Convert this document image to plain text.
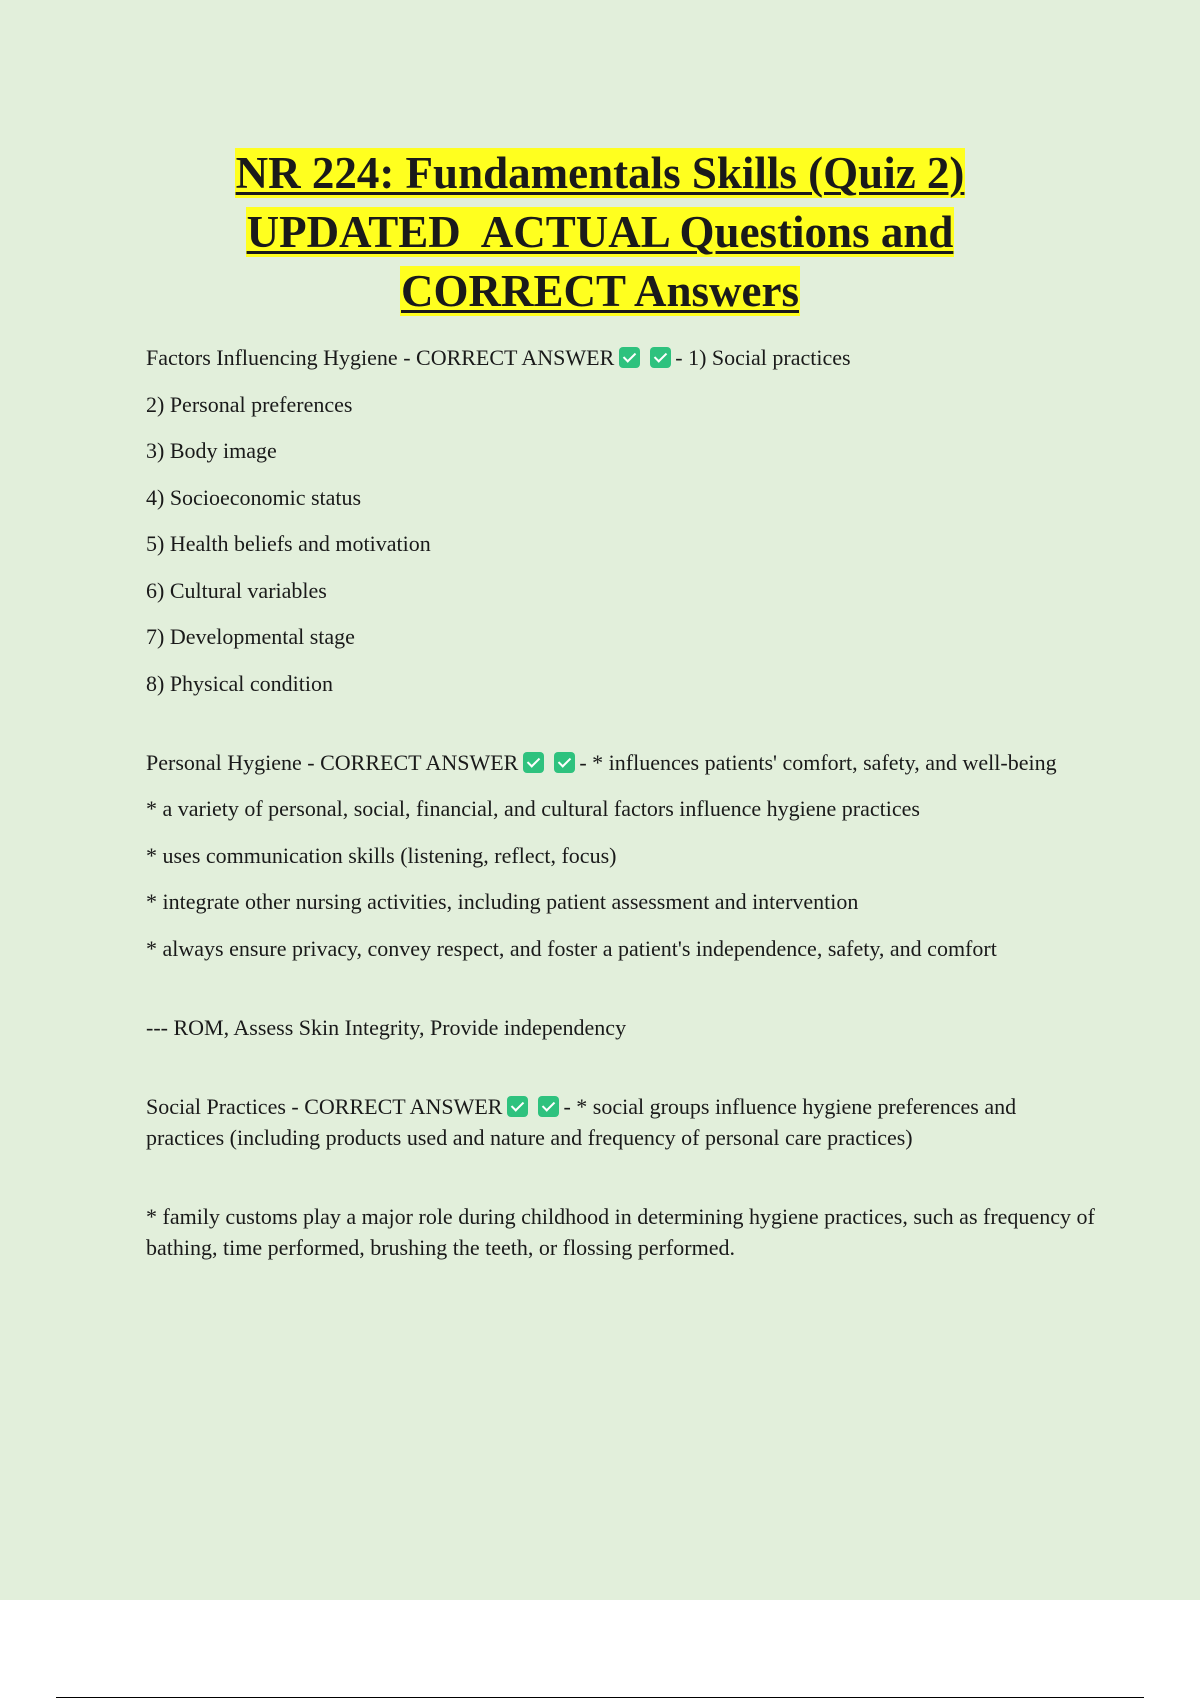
NR 224: Fundamentals Skills (Quiz 2)
UPDATED  ACTUAL Questions and
CORRECT Answers
Factors Influencing Hygiene - CORRECT ANSWER	- 1) Social practices
2) Personal preferences
3) Body image
4) Socioeconomic status
5) Health beliefs and motivation
6) Cultural variables
7) Developmental stage
8) Physical condition
Personal Hygiene - CORRECT ANSWER	- * influences patients' comfort, safety, and well-being
* a variety of personal, social, financial, and cultural factors influence hygiene practices
* uses communication skills (listening, reflect, focus)
* integrate other nursing activities, including patient assessment and intervention
* always ensure privacy, convey respect, and foster a patient's independence, safety, and comfort
--- ROM, Assess Skin Integrity, Provide independency
Social Practices - CORRECT ANSWER	- * social groups influence hygiene preferences and practices (including products used and nature and frequency of personal care practices)
* family customs play a major role during childhood in determining hygiene practices, such as frequency of bathing, time performed, brushing the teeth, or flossing performed.
